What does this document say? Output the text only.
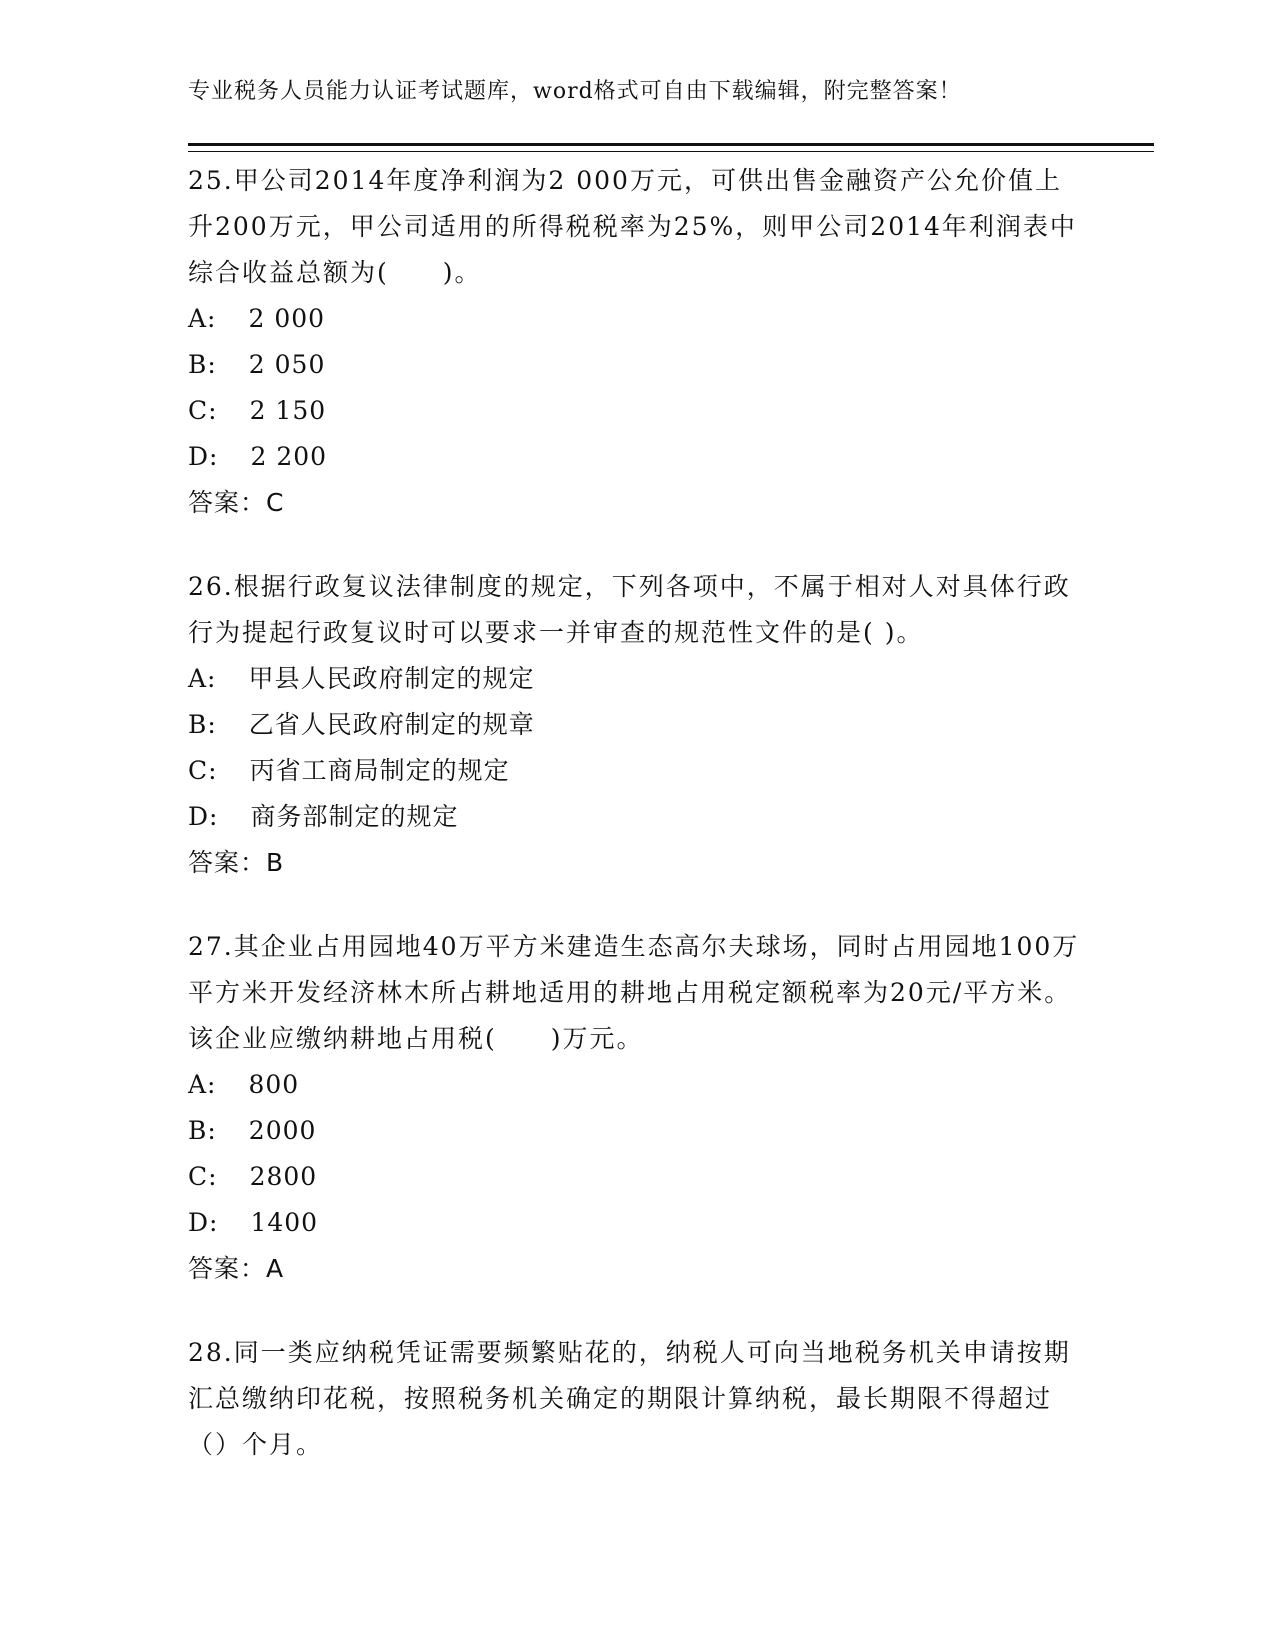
专业税务人员能力认证考试题库，word格式可自由下载编辑，附完整答案！

25.甲公司2014年度净利润为2 000万元，可供出售金融资产公允价值上升200万元，甲公司适用的所得税税率为25%，则甲公司2014年利润表中综合收益总额为(　　)。

A: 2 000
B: 2 050
C: 2 150
D: 2 200
答案：C

26.根据行政复议法律制度的规定，下列各项中，不属于相对人对具体行政行为提起行政复议时可以要求一并审查的规范性文件的是( )。

A: 甲县人民政府制定的规定
B: 乙省人民政府制定的规章
C: 丙省工商局制定的规定
D: 商务部制定的规定
答案：B

27.其企业占用园地40万平方米建造生态高尔夫球场，同时占用园地100万平方米开发经济林木所占耕地适用的耕地占用税定额税率为20元/平方米。该企业应缴纳耕地占用税(　　)万元。

A: 800
B: 2000
C: 2800
D: 1400
答案：A

28.同一类应纳税凭证需要频繁贴花的，纳税人可向当地税务机关申请按期汇总缴纳印花税，按照税务机关确定的期限计算纳税，最长期限不得超过（）个月。
